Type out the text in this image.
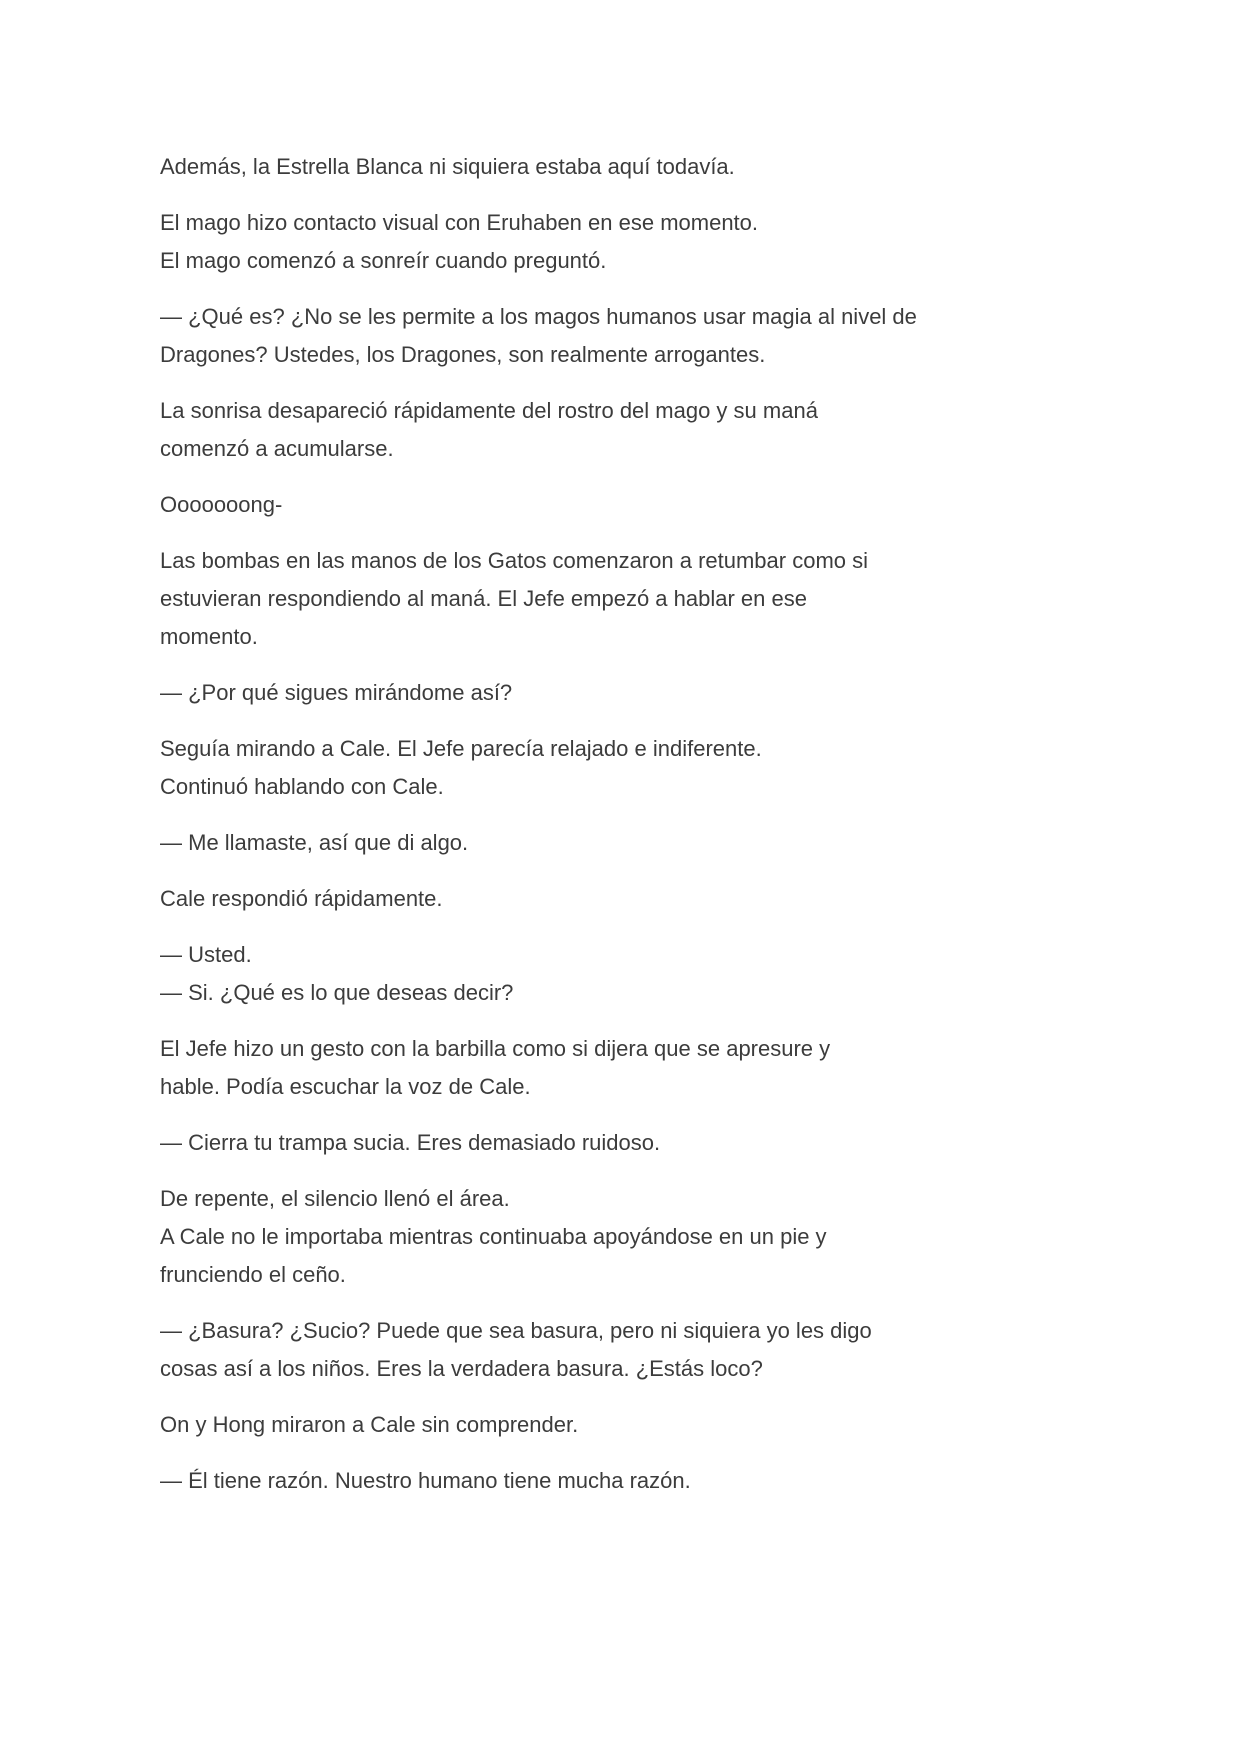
Además, la Estrella Blanca ni siquiera estaba aquí todavía.

El mago hizo contacto visual con Eruhaben en ese momento.
El mago comenzó a sonreír cuando preguntó.

— ¿Qué es? ¿No se les permite a los magos humanos usar magia al nivel de
Dragones? Ustedes, los Dragones, son realmente arrogantes.

La sonrisa desapareció rápidamente del rostro del mago y su maná
comenzó a acumularse.

Ooooooong-

Las bombas en las manos de los Gatos comenzaron a retumbar como si
estuvieran respondiendo al maná. El Jefe empezó a hablar en ese
momento.

— ¿Por qué sigues mirándome así?

Seguía mirando a Cale. El Jefe parecía relajado e indiferente.
Continuó hablando con Cale.

— Me llamaste, así que di algo.

Cale respondió rápidamente.

— Usted.
— Si. ¿Qué es lo que deseas decir?

El Jefe hizo un gesto con la barbilla como si dijera que se apresure y
hable. Podía escuchar la voz de Cale.

— Cierra tu trampa sucia. Eres demasiado ruidoso.

De repente, el silencio llenó el área.
A Cale no le importaba mientras continuaba apoyándose en un pie y
frunciendo el ceño.

— ¿Basura? ¿Sucio? Puede que sea basura, pero ni siquiera yo les digo
cosas así a los niños. Eres la verdadera basura. ¿Estás loco?

On y Hong miraron a Cale sin comprender.

— Él tiene razón. Nuestro humano tiene mucha razón.
